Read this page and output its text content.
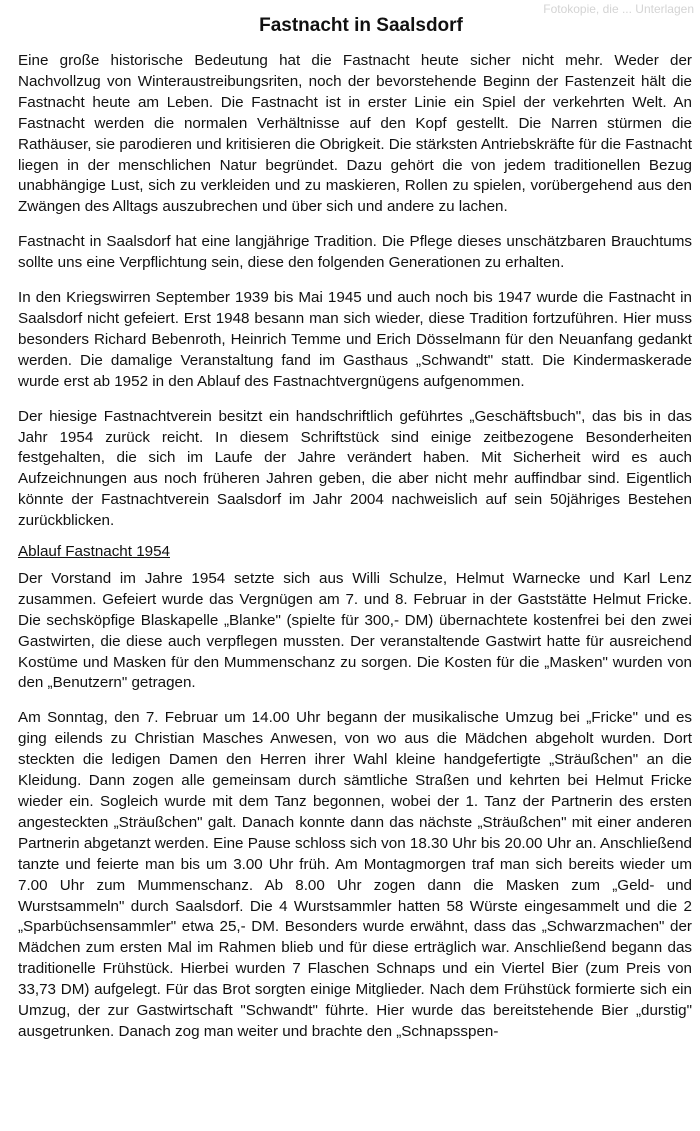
Fotokopie, die ... Unterlagen
Fastnacht in Saalsdorf

Eine große historische Bedeutung hat die Fastnacht heute sicher nicht mehr. Weder der Nachvollzug von Winteraustreibungsriten, noch der bevorstehende Beginn der Fastenzeit hält die Fastnacht heute am Leben. Die Fastnacht ist in erster Linie ein Spiel der verkehrten Welt. An Fastnacht werden die normalen Verhältnisse auf den Kopf gestellt. Die Narren stürmen die Rathäuser, sie parodieren und kritisieren die Obrigkeit. Die stärksten Antriebskräfte für die Fastnacht liegen in der menschlichen Natur begründet. Dazu gehört die von jedem traditionellen Bezug unabhängige Lust, sich zu verkleiden und zu maskieren, Rollen zu spielen, vorübergehend aus den Zwängen des Alltags auszubrechen und über sich und andere zu lachen.

Fastnacht in Saalsdorf hat eine langjährige Tradition. Die Pflege dieses unschätzbaren Brauchtums sollte uns eine Verpflichtung sein, diese den folgenden Generationen zu erhalten.

In den Kriegswirren September 1939 bis Mai 1945 und auch noch bis 1947 wurde die Fastnacht in Saalsdorf nicht gefeiert. Erst 1948 besann man sich wieder, diese Tradition fortzuführen. Hier muss besonders Richard Bebenroth, Heinrich Temme und Erich Dösselmann für den Neuanfang gedankt werden. Die damalige Veranstaltung fand im Gasthaus „Schwandt" statt. Die Kindermaskerade wurde erst ab 1952 in den Ablauf des Fastnachtvergnügens aufgenommen.

Der hiesige Fastnachtverein besitzt ein handschriftlich geführtes „Geschäftsbuch", das bis in das Jahr 1954 zurück reicht. In diesem Schriftstück sind einige zeitbezogene Besonderheiten festgehalten, die sich im Laufe der Jahre verändert haben. Mit Sicherheit wird es auch Aufzeichnungen aus noch früheren Jahren geben, die aber nicht mehr auffindbar sind. Eigentlich könnte der Fastnachtverein Saalsdorf im Jahr 2004 nachweislich auf sein 50jähriges Bestehen zurückblicken.

Ablauf Fastnacht 1954

Der Vorstand im Jahre 1954 setzte sich aus Willi Schulze, Helmut Warnecke und Karl Lenz zusammen. Gefeiert wurde das Vergnügen am 7. und 8. Februar in der Gaststätte Helmut Fricke. Die sechsköpfige Blaskapelle „Blanke" (spielte für 300,- DM) übernachtete kostenfrei bei den zwei Gastwirten, die diese auch verpflegen mussten. Der veranstaltende Gastwirt hatte für ausreichend Kostüme und Masken für den Mummenschanz zu sorgen. Die Kosten für die „Masken" wurden von den „Benutzern" getragen.

Am Sonntag, den 7. Februar um 14.00 Uhr begann der musikalische Umzug bei „Fricke" und es ging eilends zu Christian Masches Anwesen, von wo aus die Mädchen abgeholt wurden. Dort steckten die ledigen Damen den Herren ihrer Wahl kleine handgefertigte „Sträußchen" an die Kleidung. Dann zogen alle gemeinsam durch sämtliche Straßen und kehrten bei Helmut Fricke wieder ein. Sogleich wurde mit dem Tanz begonnen, wobei der 1. Tanz der Partnerin des ersten angesteckten „Sträußchen" galt. Danach konnte dann das nächste „Sträußchen" mit einer anderen Partnerin abgetanzt werden. Eine Pause schloss sich von 18.30 Uhr bis 20.00 Uhr an. Anschließend tanzte und feierte man bis um 3.00 Uhr früh. Am Montagmorgen traf man sich bereits wieder um 7.00 Uhr zum Mummenschanz. Ab 8.00 Uhr zogen dann die Masken zum „Geld- und Wurstsammeln" durch Saalsdorf. Die 4 Wurstsammler hatten 58 Würste eingesammelt und die 2 „Sparbüchsensammler" etwa 25,- DM. Besonders wurde erwähnt, dass das „Schwarzmachen" der Mädchen zum ersten Mal im Rahmen blieb und für diese erträglich war. Anschließend begann das traditionelle Frühstück. Hierbei wurden 7 Flaschen Schnaps und ein Viertel Bier (zum Preis von 33,73 DM) aufgelegt. Für das Brot sorgten einige Mitglieder. Nach dem Frühstück formierte sich ein Umzug, der zur Gastwirtschaft "Schwandt" führte. Hier wurde das bereitstehende Bier „durstig" ausgetrunken. Danach zog man weiter und brachte den „Schnapsspen-
